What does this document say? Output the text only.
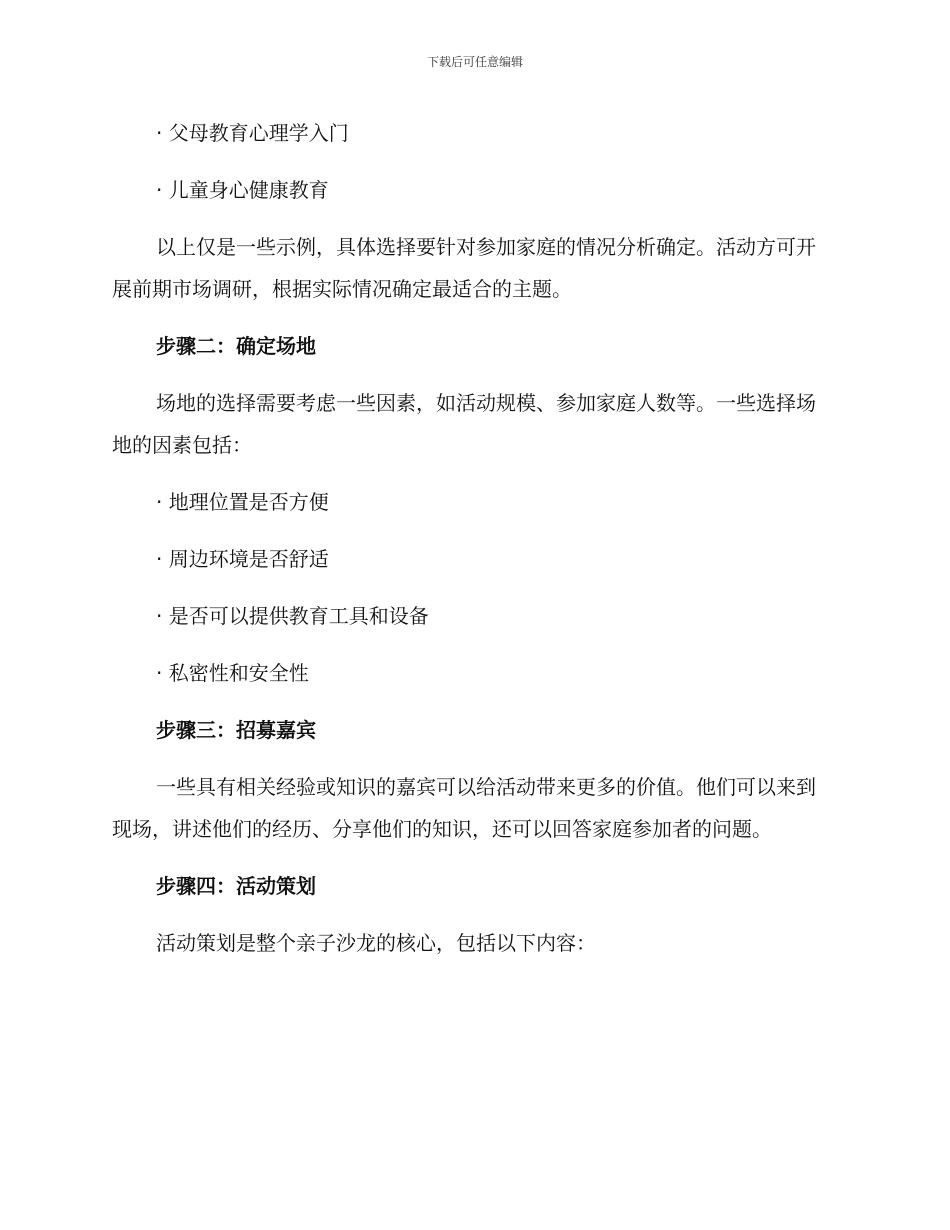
下载后可任意编辑

· 父母教育心理学入门

· 儿童身心健康教育

以上仅是一些示例，具体选择要针对参加家庭的情况分析确定。活动方可开展前期市场调研，根据实际情况确定最适合的主题。

步骤二：确定场地

场地的选择需要考虑一些因素，如活动规模、参加家庭人数等。一些选择场地的因素包括：

· 地理位置是否方便

· 周边环境是否舒适

· 是否可以提供教育工具和设备

· 私密性和安全性

步骤三：招募嘉宾

一些具有相关经验或知识的嘉宾可以给活动带来更多的价值。他们可以来到现场，讲述他们的经历、分享他们的知识，还可以回答家庭参加者的问题。

步骤四：活动策划

活动策划是整个亲子沙龙的核心，包括以下内容：
